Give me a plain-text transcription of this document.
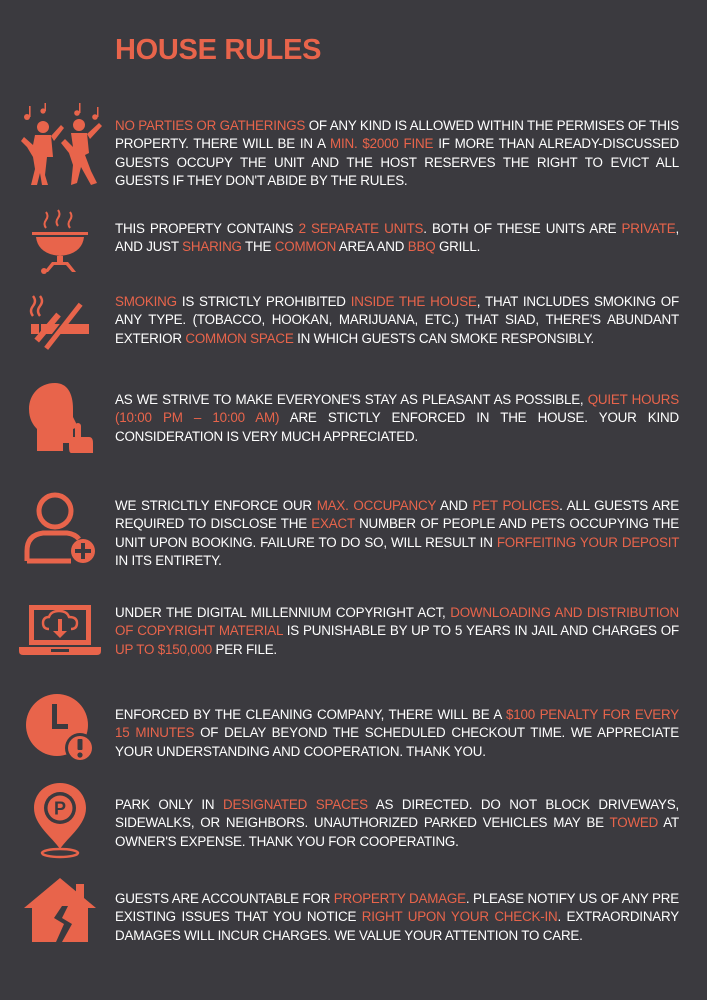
HOUSE RULES

NO PARTIES OR GATHERINGS OF ANY KIND IS ALLOWED WITHIN THE PERMISES OF THIS PROPERTY. THERE WILL BE IN A MIN. $2000 FINE IF MORE THAN ALREADY-DISCUSSED GUESTS OCCUPY THE UNIT AND THE HOST RESERVES THE RIGHT TO EVICT ALL GUESTS IF THEY DON'T ABIDE BY THE RULES.

THIS PROPERTY CONTAINS 2 SEPARATE UNITS. BOTH OF THESE UNITS ARE PRIVATE, AND JUST SHARING THE COMMON AREA AND BBQ GRILL.

SMOKING IS STRICTLY PROHIBITED INSIDE THE HOUSE, THAT INCLUDES SMOKING OF ANY TYPE. (TOBACCO, HOOKAN, MARIJUANA, ETC.) THAT SIAD, THERE'S ABUNDANT EXTERIOR COMMON SPACE IN WHICH GUESTS CAN SMOKE RESPONSIBLY.

AS WE STRIVE TO MAKE EVERYONE'S STAY AS PLEASANT AS POSSIBLE, QUIET HOURS (10:00 PM – 10:00 AM) ARE STICTLY ENFORCED IN THE HOUSE. YOUR KIND CONSIDERATION IS VERY MUCH APPRECIATED.

WE STRICLTLY ENFORCE OUR MAX. OCCUPANCY AND PET POLICES. ALL GUESTS ARE REQUIRED TO DISCLOSE THE EXACT NUMBER OF PEOPLE AND PETS OCCUPYING THE UNIT UPON BOOKING. FAILURE TO DO SO, WILL RESULT IN FORFEITING YOUR DEPOSIT IN ITS ENTIRETY.

UNDER THE DIGITAL MILLENNIUM COPYRIGHT ACT, DOWNLOADING AND DISTRIBUTION OF COPYRIGHT MATERIAL IS PUNISHABLE BY UP TO 5 YEARS IN JAIL AND CHARGES OF UP TO $150,000 PER FILE.

ENFORCED BY THE CLEANING COMPANY, THERE WILL BE A $100 PENALTY FOR EVERY 15 MINUTES OF DELAY BEYOND THE SCHEDULED CHECKOUT TIME. WE APPRECIATE YOUR UNDERSTANDING AND COOPERATION. THANK YOU.

P	PARK ONLY IN DESIGNATED SPACES AS DIRECTED. DO NOT BLOCK DRIVEWAYS, SIDEWALKS, OR NEIGHBORS. UNAUTHORIZED PARKED VEHICLES MAY BE TOWED AT OWNER'S EXPENSE. THANK YOU FOR COOPERATING.

GUESTS ARE ACCOUNTABLE FOR PROPERTY DAMAGE. PLEASE NOTIFY US OF ANY PRE EXISTING ISSUES THAT YOU NOTICE RIGHT UPON YOUR CHECK-IN. EXTRAORDINARY DAMAGES WILL INCUR CHARGES. WE VALUE YOUR ATTENTION TO CARE.
